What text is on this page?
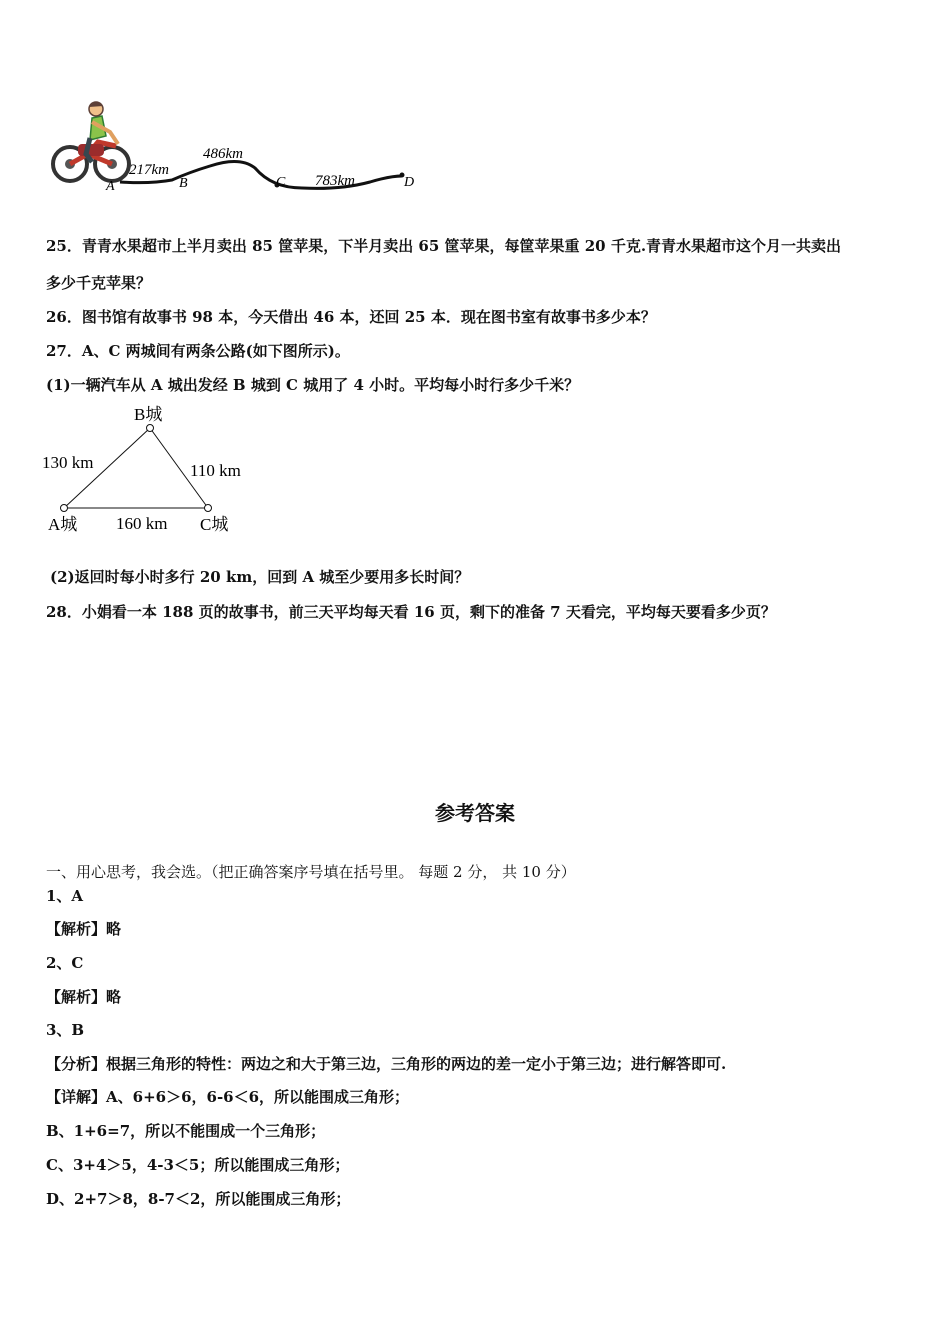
A	B	C	D
217km
486km
783km
25．青青水果超市上半月卖出 85 筐苹果，下半月卖出 65 筐苹果，每筐苹果重 20 千克.青青水果超市这个月一共卖出
多少千克苹果？
26．图书馆有故事书 98 本，今天借出 46 本，还回 25 本．现在图书室有故事书多少本？
27．A、C 两城间有两条公路(如下图所示)。
(1)一辆汽车从 A 城出发经 B 城到 C 城用了 4 小时。平均每小时行多少千米？
B城
A城	C城
130 km	110 km
160 km
(2)返回时每小时多行 20 km，回到 A 城至少要用多长时间？
28．小娟看一本 188 页的故事书，前三天平均每天看 16 页，剩下的准备 7 天看完，平均每天要看多少页？
参考答案
一、用心思考，我会选。（把正确答案序号填在括号里。 每题 2 分， 共 10 分）
1、A
【解析】略
2、C
【解析】略
3、B
【分析】根据三角形的特性：两边之和大于第三边，三角形的两边的差一定小于第三边；进行解答即可.
【详解】A、6+6＞6，6-6＜6，所以能围成三角形；
B、1+6=7，所以不能围成一个三角形；
C、3+4＞5，4-3＜5；所以能围成三角形；
D、2+7＞8，8-7＜2，所以能围成三角形；
